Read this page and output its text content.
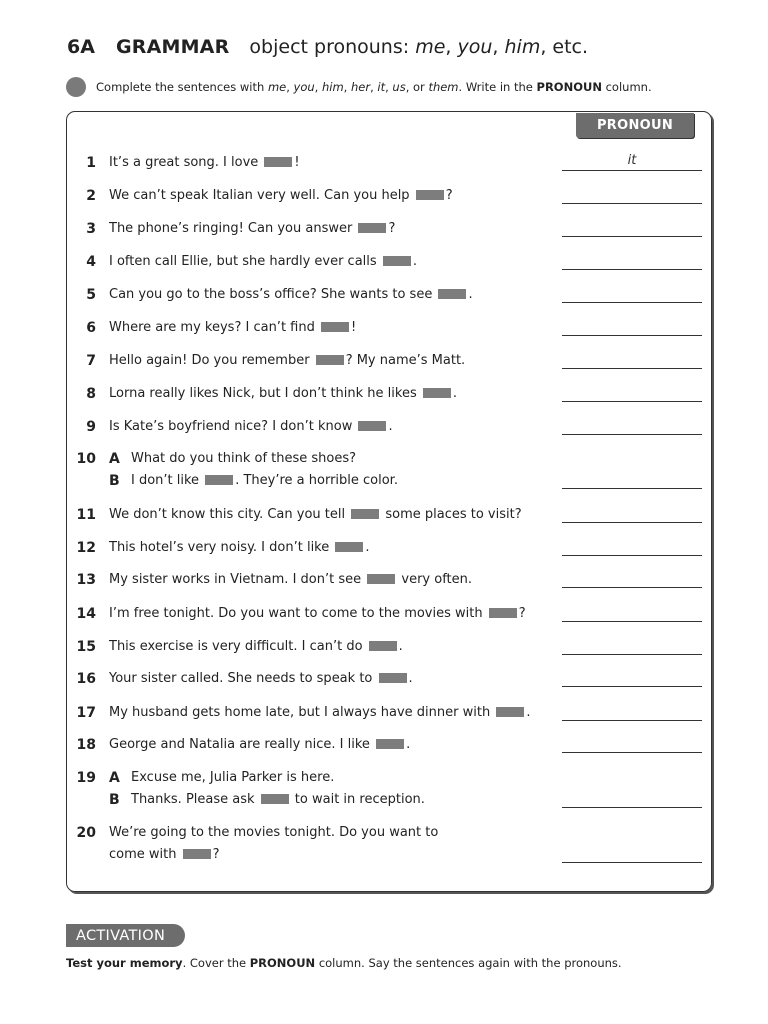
6A GRAMMAR object pronouns: me, you, him, etc.
Complete the sentences with me, you, him, her, it, us, or them. Write in the PRONOUN column.
PRONOUN
1 It’s a great song. I love !	it
2 We can’t speak Italian very well. Can you help ?
3 The phone’s ringing! Can you answer ?
4 I often call Ellie, but she hardly ever calls .
5 Can you go to the boss’s office? She wants to see .
6 Where are my keys? I can’t find !
7 Hello again! Do you remember ? My name’s Matt.
8 Lorna really likes Nick, but I don’t think he likes .
9 Is Kate’s boyfriend nice? I don’t know .
10 A What do you think of these shoes?
B I don’t like . They’re a horrible color.
11 We don’t know this city. Can you tell  some places to visit?
12 This hotel’s very noisy. I don’t like .
13 My sister works in Vietnam. I don’t see  very often.
14 I’m free tonight. Do you want to come to the movies with ?
15 This exercise is very difficult. I can’t do .
16 Your sister called. She needs to speak to .
17 My husband gets home late, but I always have dinner with .
18 George and Natalia are really nice. I like .
19 A Excuse me, Julia Parker is here.
B Thanks. Please ask  to wait in reception.
20 We’re going to the movies tonight. Do you want to
come with ?
ACTIVATION
Test your memory. Cover the PRONOUN column. Say the sentences again with the pronouns.
